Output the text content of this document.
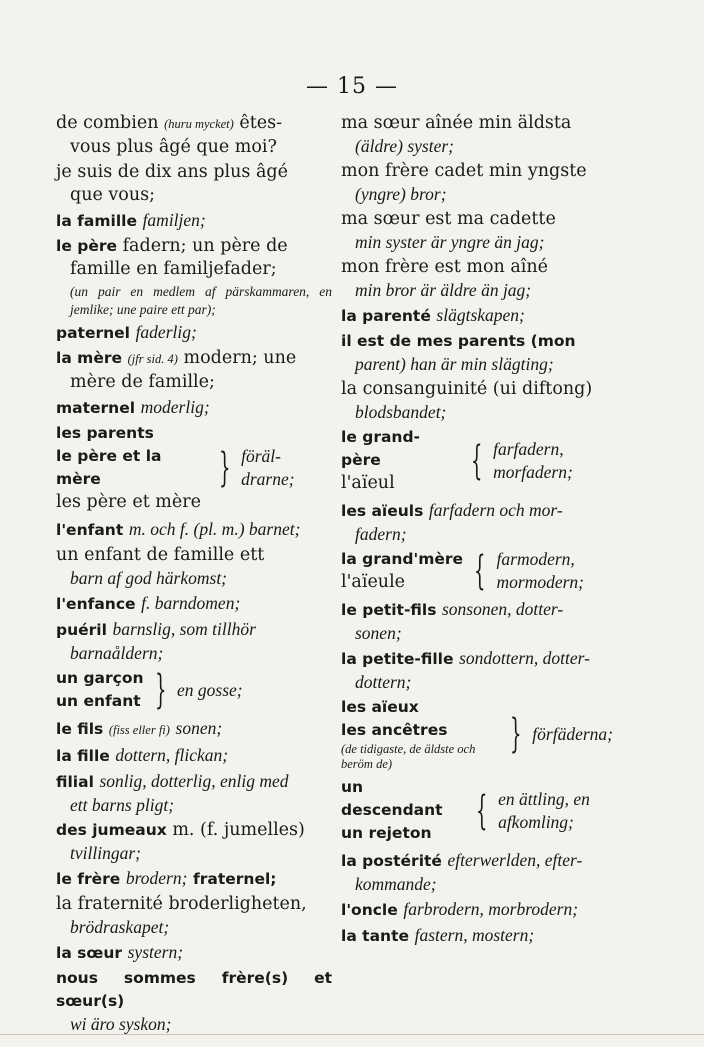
— 15 —
de combien (huru mycket) êtes-
vous plus âgé que moi?
je suis de dix ans plus âgé
que vous;
la famille familjen;
le père fadern; un père de
famille en familjefader;
(un pair en medlem af pärskammaren, en jemlike; une paire ett par);
paternel faderlig;
la mère (jfr sid. 4) modern; une
mère de famille;
maternel moderlig;
les parents
le père et la mère
les père et mère
} föräl-drarne;
l'enfant m. och f. (pl. m.) barnet;
un enfant de famille ett
barn af god härkomst;
l'enfance f. barndomen;
puéril barnslig, som tillhör
barnaåldern;
un garçon
un enfant } en gosse;
le fils (fiss eller fi) sonen;
la fille dottern, flickan;
filial sonlig, dotterlig, enlig med
ett barns pligt;
des jumeaux m. (f. jumelles)
tvillingar;
le frère brodern; fraternel;
la fraternité broderligheten,
brödraskapet;
la sœur systern;
nous sommes frère(s) et sœur(s)
wi äro syskon;
ma sœur aînée min äldsta
(äldre) syster;
mon frère cadet min yngste
(yngre) bror;
ma sœur est ma cadette
min syster är yngre än jag;
mon frère est mon aîné
min bror är äldre än jag;
la parenté slägtskapen;
il est de mes parents (mon
parent) han är min slägting;
la consanguinité (ui diftong)
blodsbandet;
le grand-père
l'aïeul	{ farfadern, morfadern;
les aïeuls farfadern och mor-
fadern;
la grand'mère
l'aïeule	{ farmodern, mormodern;
le petit-fils sonsonen, dotter-
sonen;
la petite-fille sondottern, dotter-
dottern;
les aïeux
les ancêtres
(de tidigaste, de äldste och beröm de)
} förfäderna;
un descendant
un rejeton	{ en ättling, en afkomling;
la postérité efterwerlden, efter-
kommande;
l'oncle farbrodern, morbrodern;
la tante fastern, mostern;
